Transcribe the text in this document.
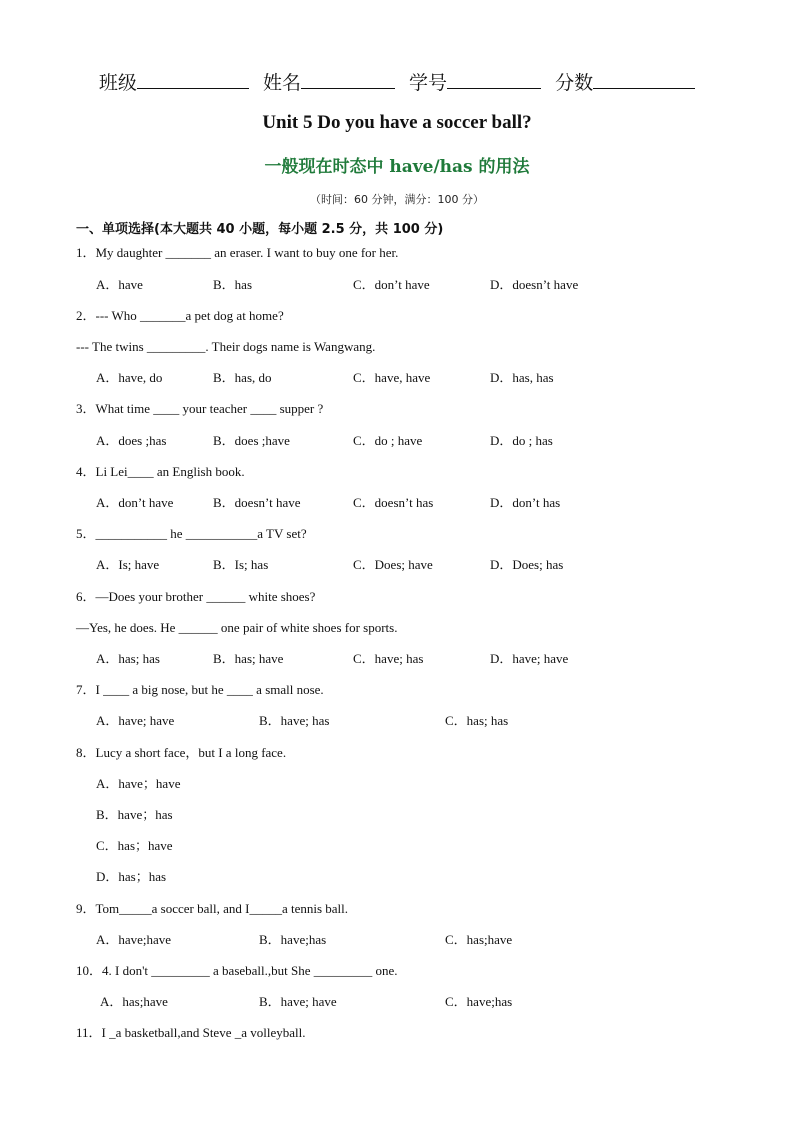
班级	姓名	学号	分数
Unit 5 Do you have a soccer ball?
一般现在时态中 have/has 的用法
（时间：60 分钟，满分：100 分）
一、单项选择(本大题共 40 小题，每小题 2.5 分，共 100 分)
1．My daughter _______ an eraser. I want to buy one for her.
A．have	B．has	C．don’t have	D．doesn’t have
2．--- Who _______a pet dog at home?
--- The twins _________. Their dogs name is Wangwang.
A．have, do	B．has, do	C．have, have	D．has, has
3．What time ____ your teacher ____ supper ?
A．does ;has	B．does ;have	C．do ; have	D．do ; has
4．Li Lei____ an English book.
A．don’t have	B．doesn’t have	C．doesn’t has	D．don’t has
5．___________ he ___________a TV set?
A．Is; have	B．Is; has	C．Does; have	D．Does; has
6．—Does your brother ______ white shoes?
—Yes, he does. He ______ one pair of white shoes for sports.
A．has; has	B．has; have	C．have; has	D．have; have
7．I ____ a big nose, but he ____ a small nose.
A．have; have	B．have; has	C．has; has
8．Lucy a short face，but I a long face.
A．have；have
B．have；has
C．has；have
D．has；has
9．Tom_____a soccer ball, and I_____a tennis ball.
A．have;have	B．have;has	C．has;have
10．4. I don't _________ a baseball.,but She _________ one.
A．has;have	B．have; have	C．have;has
11．I _a basketball,and Steve _a volleyball.
